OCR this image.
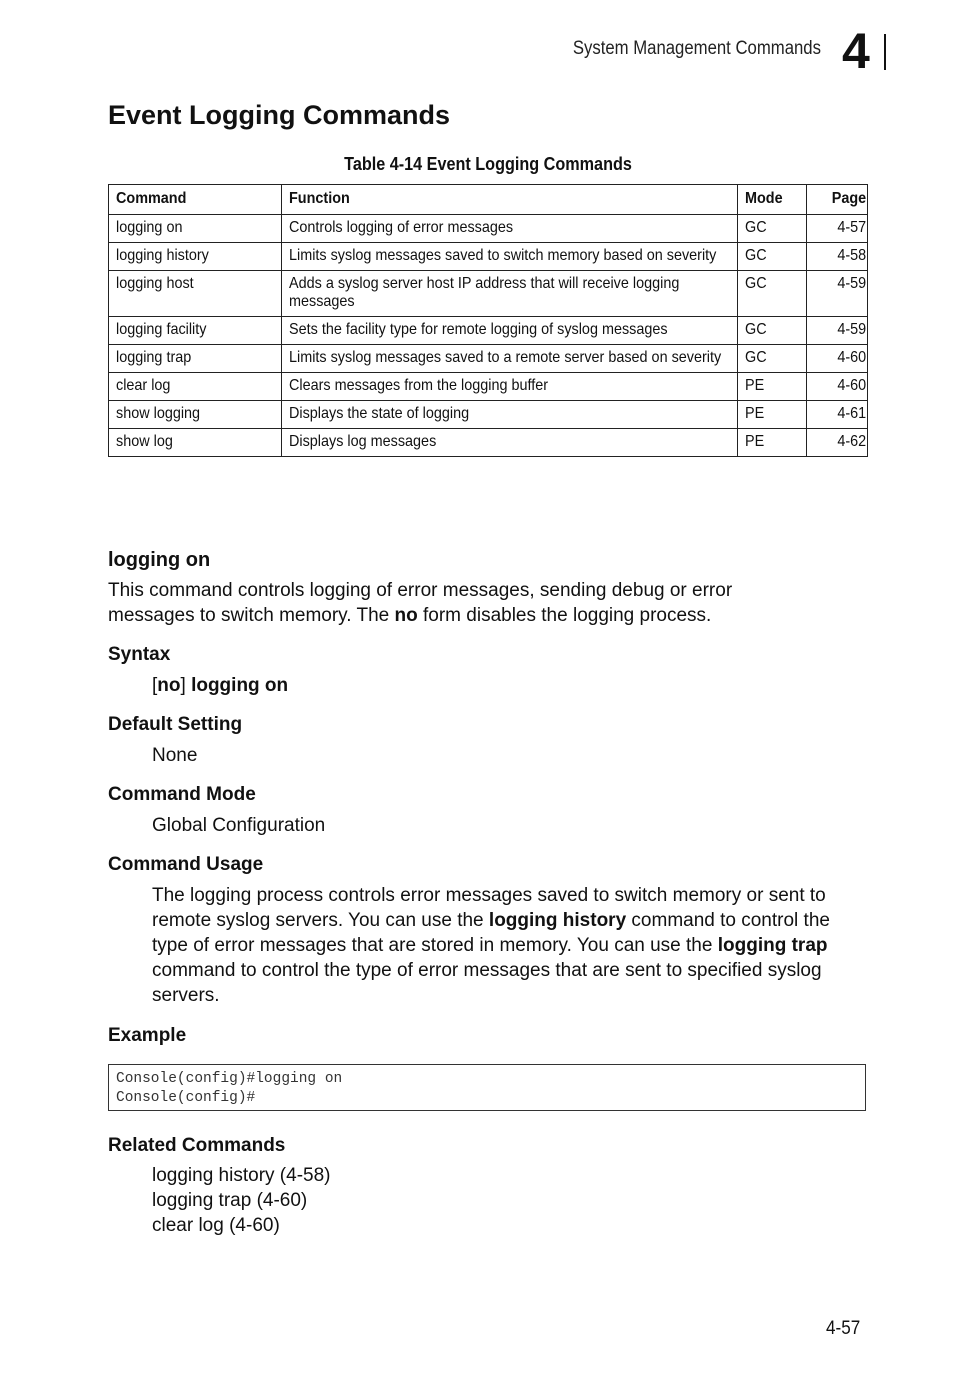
System Management Commands 4
Event Logging Commands
Table 4-14 Event Logging Commands
Command	Function	Mode	Page
logging on	Controls logging of error messages	GC	4-57
logging history	Limits syslog messages saved to switch memory based on severity	GC	4-58
logging host	Adds a syslog server host IP address that will receive logging messages	GC	4-59
logging facility	Sets the facility type for remote logging of syslog messages	GC	4-59
logging trap	Limits syslog messages saved to a remote server based on severity	GC	4-60
clear log	Clears messages from the logging buffer	PE	4-60
show logging	Displays the state of logging	PE	4-61
show log	Displays log messages	PE	4-62
logging on

This command controls logging of error messages, sending debug or error messages to switch memory. The no form disables the logging process.

Syntax

[no] logging on

Default Setting

None

Command Mode

Global Configuration

Command Usage

The logging process controls error messages saved to switch memory or sent to remote syslog servers. You can use the logging history command to control the type of error messages that are stored in memory. You can use the logging trap command to control the type of error messages that are sent to specified syslog servers.

Example
Console(config)#logging on
Console(config)#
Related Commands

logging history (4-58)

logging trap (4-60)

clear log (4-60)

4-57
